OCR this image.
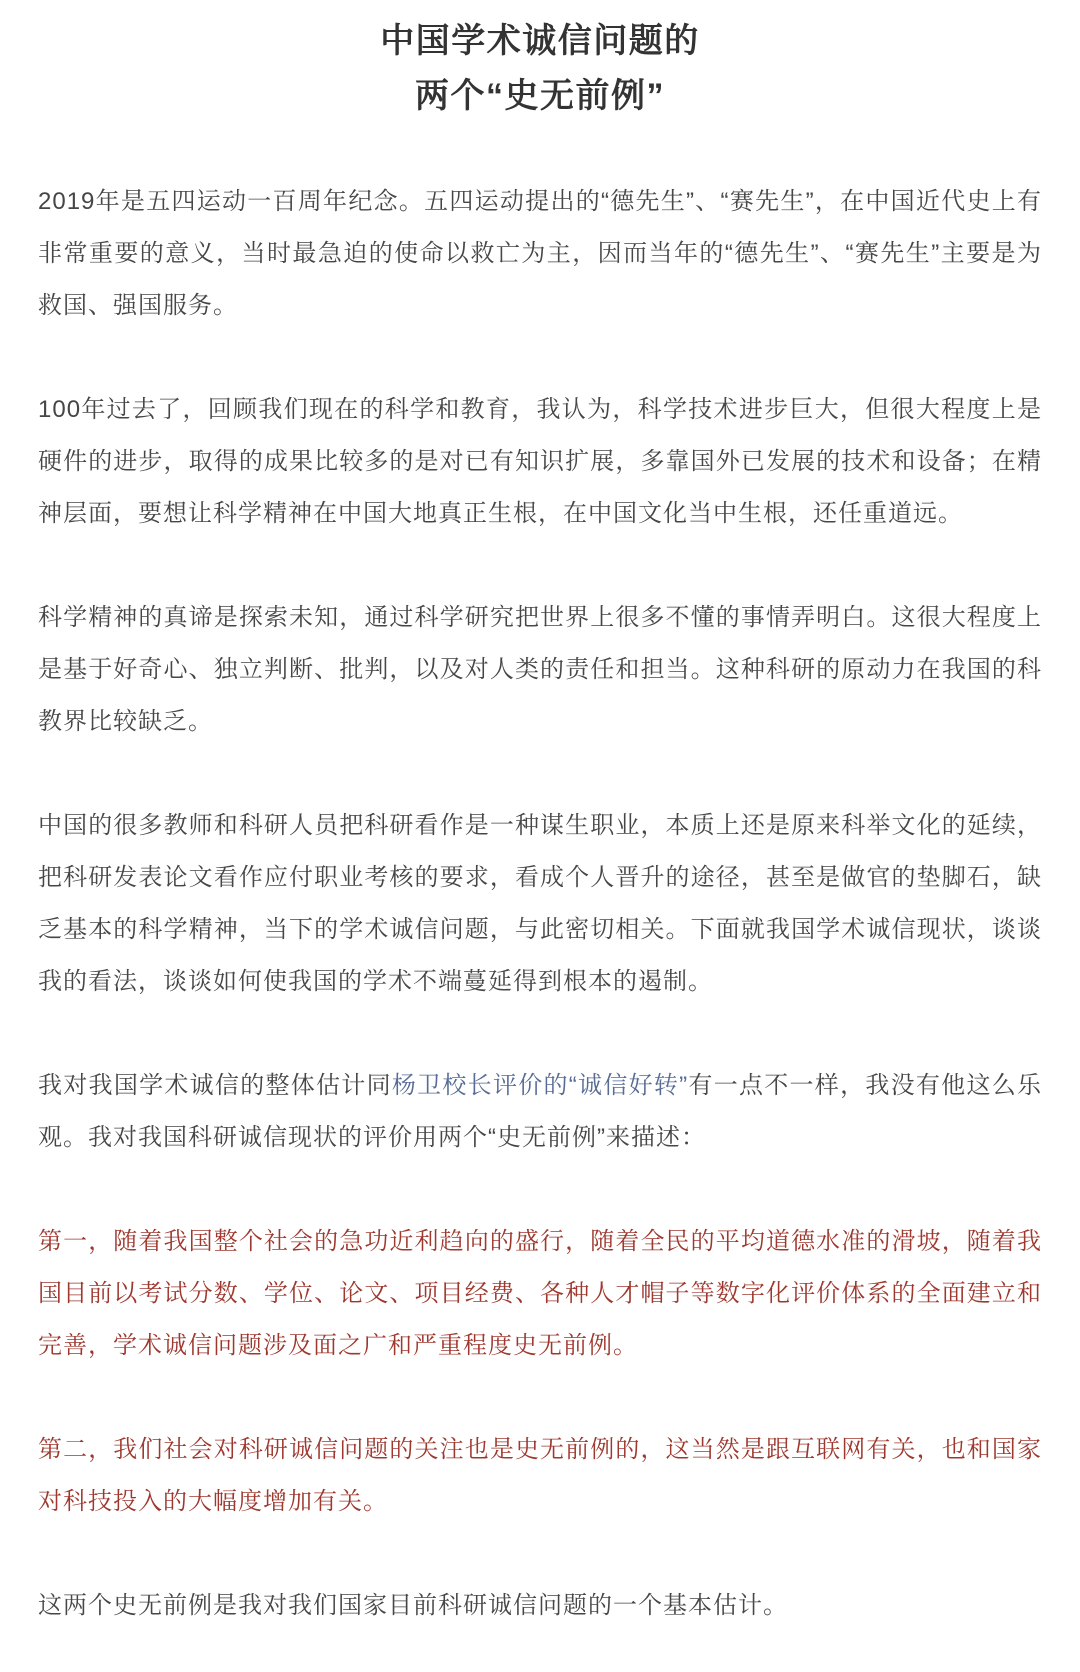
中国学术诚信问题的
两个“史无前例”

2019年是五四运动一百周年纪念。五四运动提出的“德先生”、“赛先生”，在中国近代史上有非常重要的意义，当时最急迫的使命以救亡为主，因而当年的“德先生”、“赛先生”主要是为救国、强国服务。

100年过去了，回顾我们现在的科学和教育，我认为，科学技术进步巨大，但很大程度上是硬件的进步，取得的成果比较多的是对已有知识扩展，多靠国外已发展的技术和设备；在精神层面，要想让科学精神在中国大地真正生根，在中国文化当中生根，还任重道远。

科学精神的真谛是探索未知，通过科学研究把世界上很多不懂的事情弄明白。这很大程度上是基于好奇心、独立判断、批判，以及对人类的责任和担当。这种科研的原动力在我国的科教界比较缺乏。

中国的很多教师和科研人员把科研看作是一种谋生职业，本质上还是原来科举文化的延续，把科研发表论文看作应付职业考核的要求，看成个人晋升的途径，甚至是做官的垫脚石，缺乏基本的科学精神，当下的学术诚信问题，与此密切相关。下面就我国学术诚信现状，谈谈我的看法，谈谈如何使我国的学术不端蔓延得到根本的遏制。

我对我国学术诚信的整体估计同杨卫校长评价的“诚信好转”有一点不一样，我没有他这么乐观。我对我国科研诚信现状的评价用两个“史无前例”来描述：

第一，随着我国整个社会的急功近利趋向的盛行，随着全民的平均道德水准的滑坡，随着我国目前以考试分数、学位、论文、项目经费、各种人才帽子等数字化评价体系的全面建立和完善，学术诚信问题涉及面之广和严重程度史无前例。

第二，我们社会对科研诚信问题的关注也是史无前例的，这当然是跟互联网有关，也和国家对科技投入的大幅度增加有关。

这两个史无前例是我对我们国家目前科研诚信问题的一个基本估计。
